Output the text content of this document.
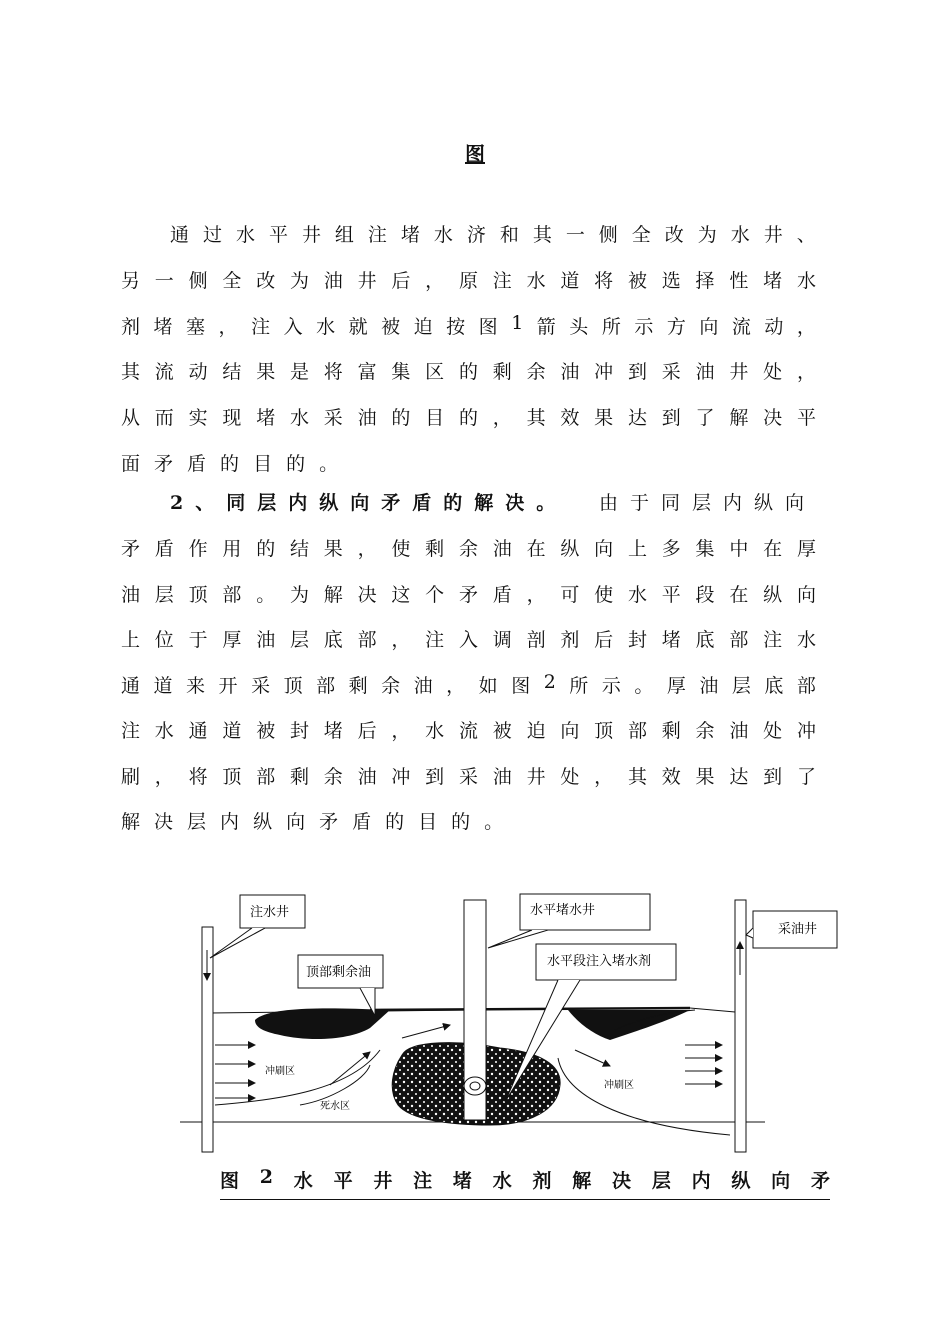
图
通 过 水 平 井 组 注 堵 水 济 和 其 一 侧 全 改 为 水 井 、
另 一 侧 全 改 为 油 井 后 ， 原 注 水 道 将 被 选 择 性 堵 水
剂 堵 塞 ， 注 入 水 就 被 迫 按 图 1 箭 头 所 示 方 向 流 动 ，
其 流 动 结 果 是 将 富 集 区 的 剩 余 油 冲 到 采 油 井 处 ，
从 而 实 现 堵 水 采 油 的 目 的 ， 其 效 果 达 到 了 解 决 平
面 矛 盾 的 目 的 。
2、同层内纵向矛盾的解决。 由于同层内纵向
矛 盾 作 用 的 结 果 ， 使 剩 余 油 在 纵 向 上 多 集 中 在 厚
油 层 顶 部 。 为 解 决 这 个 矛 盾 ， 可 使 水 平 段 在 纵 向
上 位 于 厚 油 层 底 部 ， 注 入 调 剖 剂 后 封 堵 底 部 注 水
通 道 来 开 采 顶 部 剩 余 油 ， 如 图 2 所 示 。 厚 油 层 底 部
注 水 通 道 被 封 堵 后 ， 水 流 被 迫 向 顶 部 剩 余 油 处 冲
刷 ， 将 顶 部 剩 余 油 冲 到 采 油 井 处 ， 其 效 果 达 到 了
解 决 层 内 纵 向 矛 盾 的 目 的 。
注水井
顶部剩余油
水平堵水井
水平段注入堵水剂
采油井
冲刷区
冲刷区
死水区
图 2 水 平 井 注 堵 水 剂 解 决 层 内 纵 向 矛
